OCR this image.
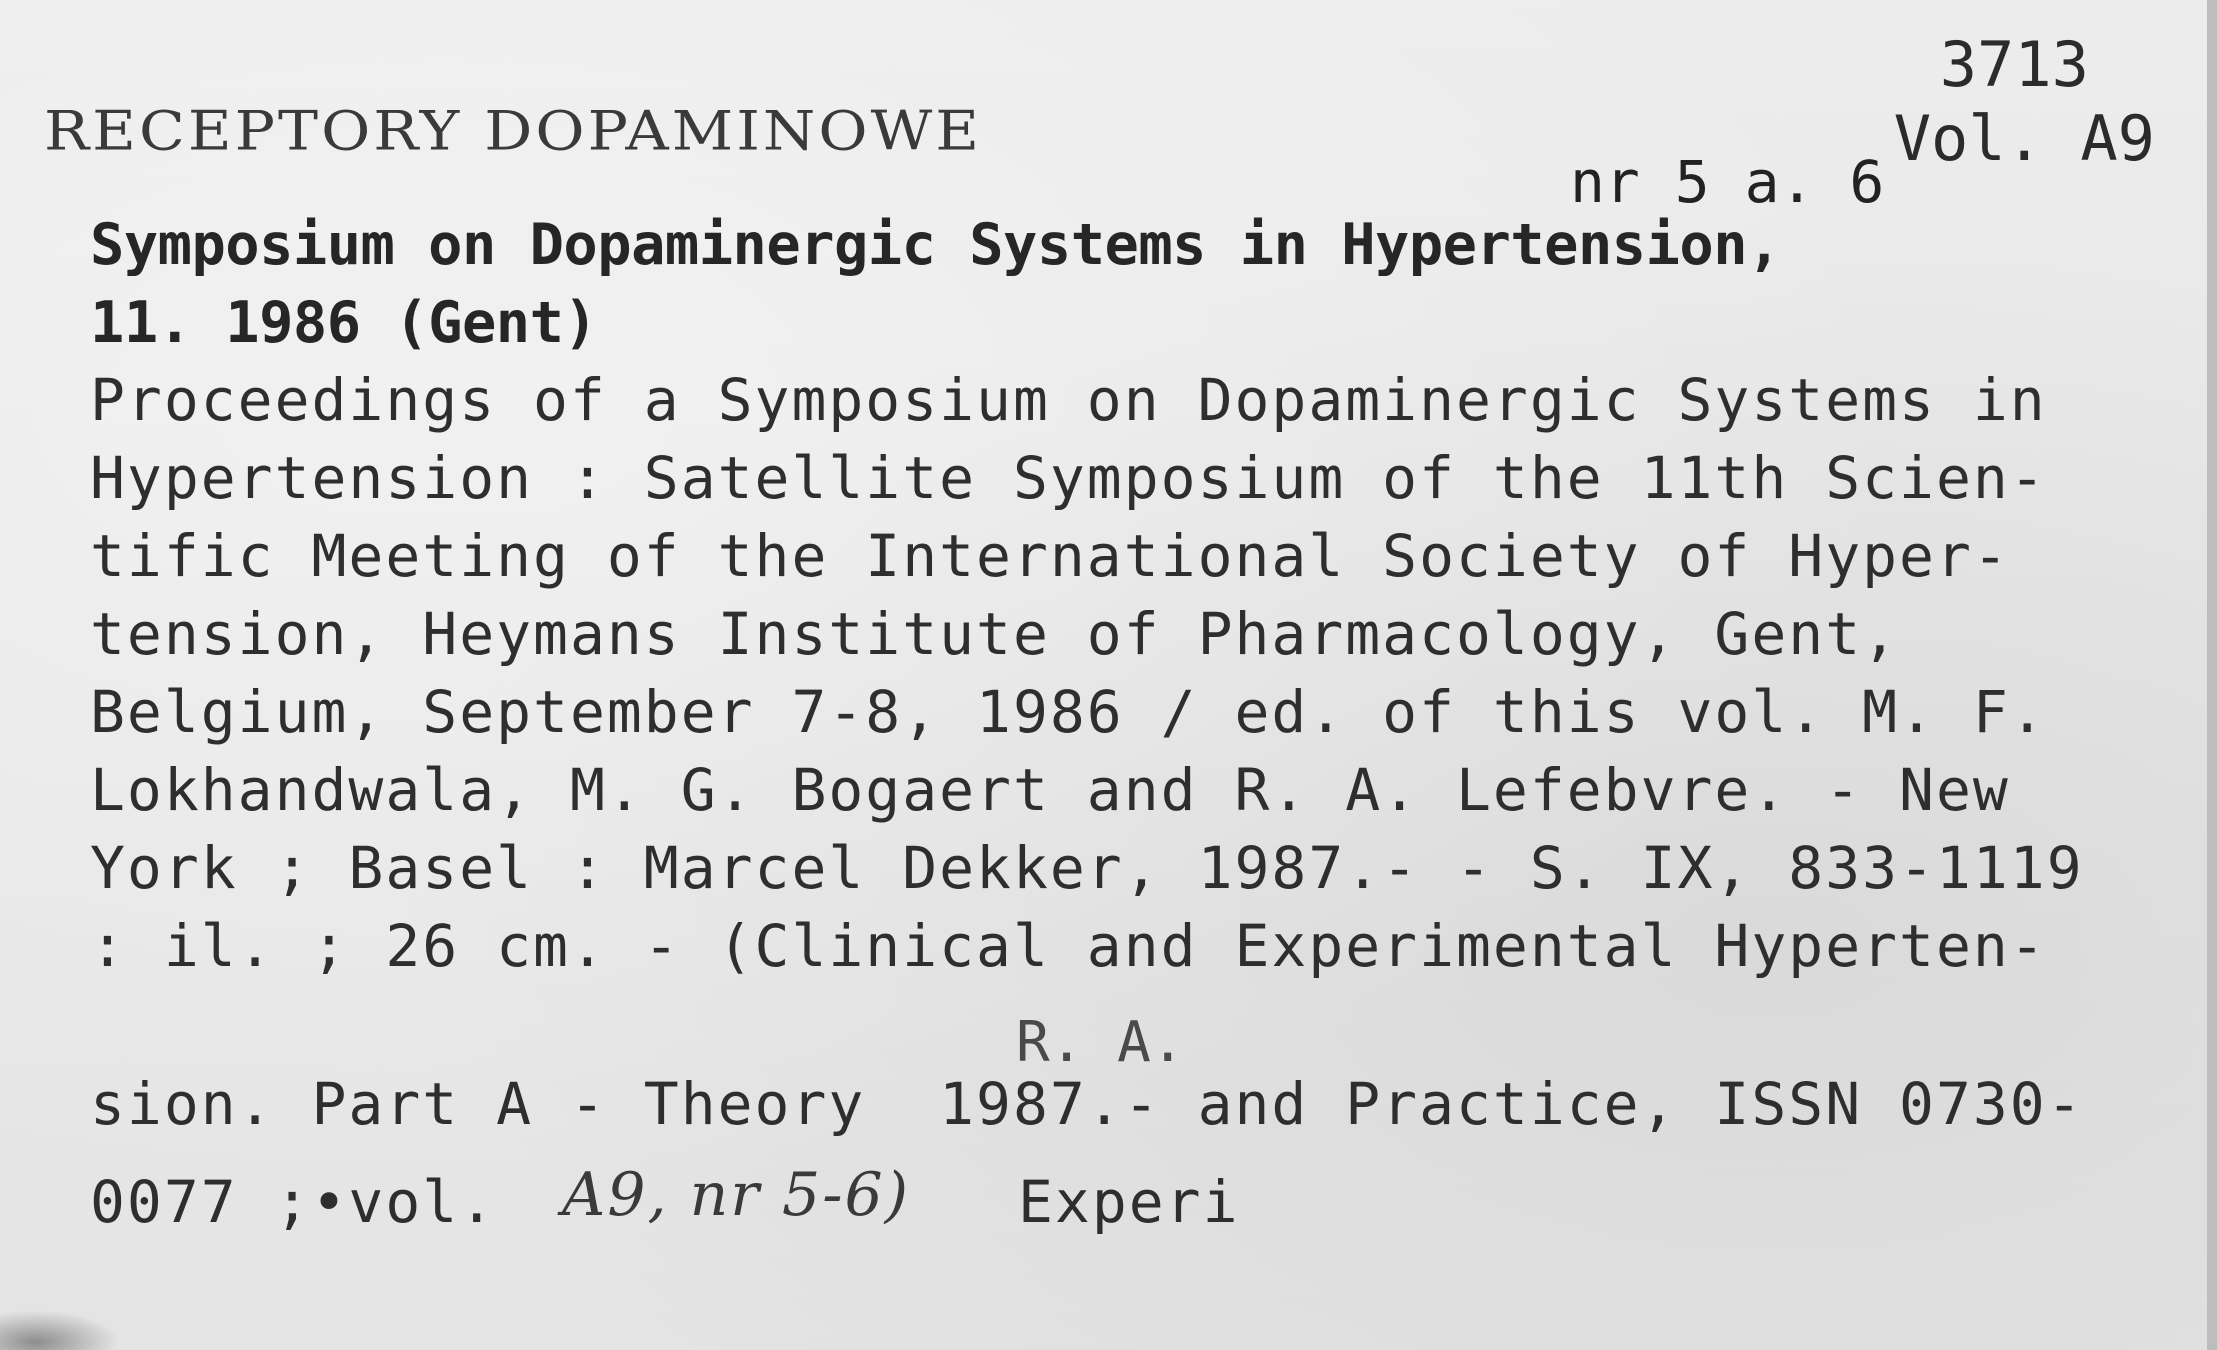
3713
RECEPTORY DOPAMINOWE	Vol. A9
nr 5 a. 6
Symposium on Dopaminergic Systems in Hypertension,
11. 1986 (Gent)
Proceedings of a Symposium on Dopaminergic Systems in
Hypertension : Satellite Symposium of the 11th Scien-
tific Meeting of the International Society of Hyper-
tension, Heymans Institute of Pharmacology, Gent,
Belgium, September 7-8, 1986 / ed. of this vol. M. F.
Lokhandwala, M. G. Bogaert and R. A. Lefebvre. - New
York ; Basel : Marcel Dekker, 1987.- - S. IX, 833-1119
: il. ; 26 cm. - (Clinical and Experimental Hyperten-
R. A.
sion. Part A - Theory  1987.- and Practice, ISSN 0730-
0077 ;•vol. A9, nr 5-6) Experi
